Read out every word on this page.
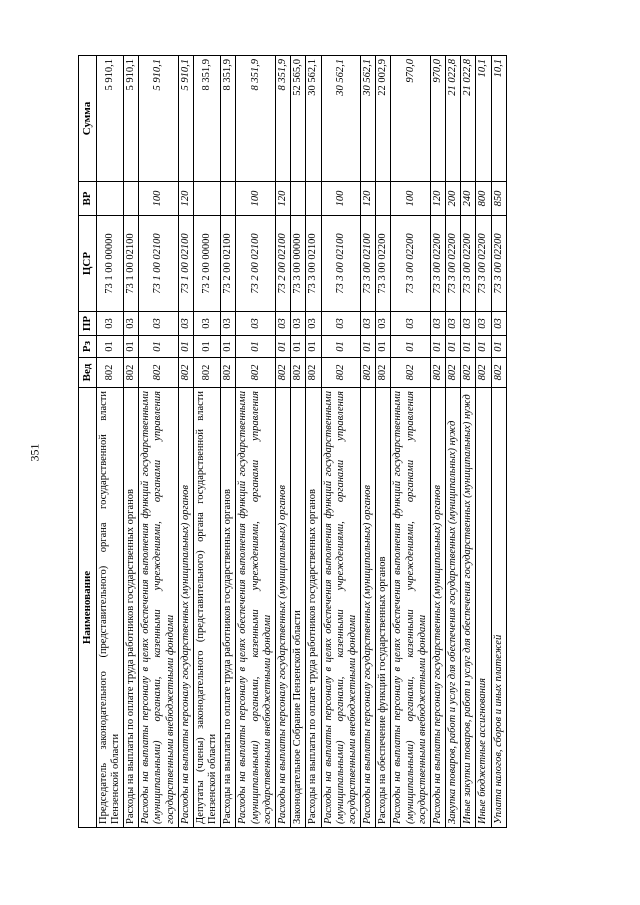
351
Наименование	Вед	Рз	ПР	ЦСР	ВР	Сумма
Председатель законодательного (представительного) органа государственной власти Пензенской области	802	01	03	73 1 00 00000		5 910,1
Расходы на выплаты по оплате труда работников государственных органов	802	01	03	73 1 00 02100		5 910,1
Расходы на выплаты персоналу в целях обеспечения выполнения функций государственными (муниципальными) органами, казенными учреждениями, органами управления государственными внебюджетными фондами	802	01	03	73 1 00 02100	100	5 910,1
Расходы на выплаты персоналу государственных (муниципальных) органов	802	01	03	73 1 00 02100	120	5 910,1
Депутаты (члены) законодательного (представительного) органа государственной власти Пензенской области	802	01	03	73 2 00 00000		8 351,9
Расходы на выплаты по оплате труда работников государственных органов	802	01	03	73 2 00 02100		8 351,9
Расходы на выплаты персоналу в целях обеспечения выполнения функций государственными (муниципальными) органами, казенными учреждениями, органами управления государственными внебюджетными фондами	802	01	03	73 2 00 02100	100	8 351,9
Расходы на выплаты персоналу государственных (муниципальных) органов	802	01	03	73 2 00 02100	120	8 351,9
Законодательное Собрание Пензенской области	802	01	03	73 3 00 00000		52 565,0
Расходы на выплаты по оплате труда работников государственных органов	802	01	03	73 3 00 02100		30 562,1
Расходы на выплаты персоналу в целях обеспечения выполнения функций государственными (муниципальными) органами, казенными учреждениями, органами управления государственными внебюджетными фондами	802	01	03	73 3 00 02100	100	30 562,1
Расходы на выплаты персоналу государственных (муниципальных) органов	802	01	03	73 3 00 02100	120	30 562,1
Расходы на обеспечение функций государственных органов	802	01	03	73 3 00 02200		22 002,9
Расходы на выплаты персоналу в целях обеспечения выполнения функций государственными (муниципальными) органами, казенными учреждениями, органами управления государственными внебюджетными фондами	802	01	03	73 3 00 02200	100	970,0
Расходы на выплаты персоналу государственных (муниципальных) органов	802	01	03	73 3 00 02200	120	970,0
Закупка товаров, работ и услуг для обеспечения государственных (муниципальных) нужд	802	01	03	73 3 00 02200	200	21 022,8
Иные закупки товаров, работ и услуг для обеспечения государственных (муниципальных) нужд	802	01	03	73 3 00 02200	240	21 022,8
Иные бюджетные ассигнования	802	01	03	73 3 00 02200	800	10,1
Уплата налогов, сборов и иных платежей	802	01	03	73 3 00 02200	850	10,1
